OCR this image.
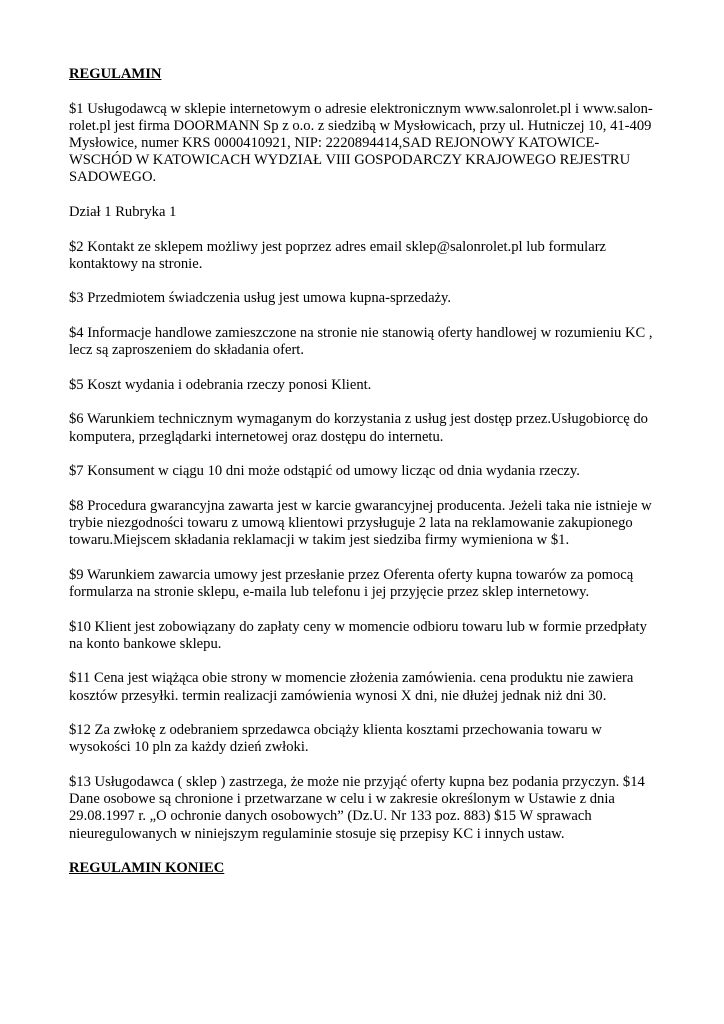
REGULAMIN

$1 Usługodawcą w sklepie internetowym o adresie elektronicznym www.salonrolet.pl i www.salon-rolet.pl jest firma DOORMANN Sp z o.o. z siedzibą w Mysłowicach, przy ul. Hutniczej 10, 41-409 Mysłowice, numer KRS 0000410921, NIP: 2220894414,SAD REJONOWY KATOWICE-WSCHÓD W KATOWICACH WYDZIAŁ VIII GOSPODARCZY KRAJOWEGO REJESTRU SADOWEGO.

Dział 1 Rubryka 1

$2 Kontakt ze sklepem możliwy jest poprzez adres email sklep@salonrolet.pl lub formularz kontaktowy na stronie.

$3 Przedmiotem świadczenia usług jest umowa kupna-sprzedaży.

$4 Informacje handlowe zamieszczone na stronie nie stanowią oferty handlowej w rozumieniu KC , lecz są zaproszeniem do składania ofert.

$5 Koszt wydania i odebrania rzeczy ponosi Klient.

$6 Warunkiem technicznym wymaganym do korzystania z usług jest dostęp przez.Usługobiorcę do komputera, przeglądarki internetowej oraz dostępu do internetu.

$7 Konsument w ciągu 10 dni może odstąpić od umowy licząc od dnia wydania rzeczy.

$8 Procedura gwarancyjna zawarta jest w karcie gwarancyjnej producenta. Jeżeli taka nie istnieje w trybie niezgodności towaru z umową klientowi przysługuje 2 lata na reklamowanie zakupionego towaru.Miejscem składania reklamacji w takim jest siedziba firmy wymieniona w $1.

$9 Warunkiem zawarcia umowy jest przesłanie przez Oferenta oferty kupna towarów za pomocą formularza na stronie sklepu, e-maila lub telefonu i jej przyjęcie przez sklep internetowy.

$10 Klient jest zobowiązany do zapłaty ceny w momencie odbioru towaru lub w formie przedpłaty na konto bankowe sklepu.

$11 Cena jest wiążąca obie strony w momencie złożenia zamówienia. cena produktu nie zawiera kosztów przesyłki. termin realizacji zamówienia wynosi X dni, nie dłużej jednak niż dni 30.

$12 Za zwłokę z odebraniem sprzedawca obciąży klienta kosztami przechowania towaru w wysokości 10 pln za każdy dzień zwłoki.

$13 Usługodawca ( sklep ) zastrzega, że może nie przyjąć oferty kupna bez podania przyczyn. $14 Dane osobowe są chronione i przetwarzane w celu i w zakresie określonym w Ustawie z dnia 29.08.1997 r. „O ochronie danych osobowych” (Dz.U. Nr 133 poz. 883) $15 W sprawach nieuregulowanych w niniejszym regulaminie stosuje się przepisy KC i innych ustaw.

REGULAMIN KONIEC
